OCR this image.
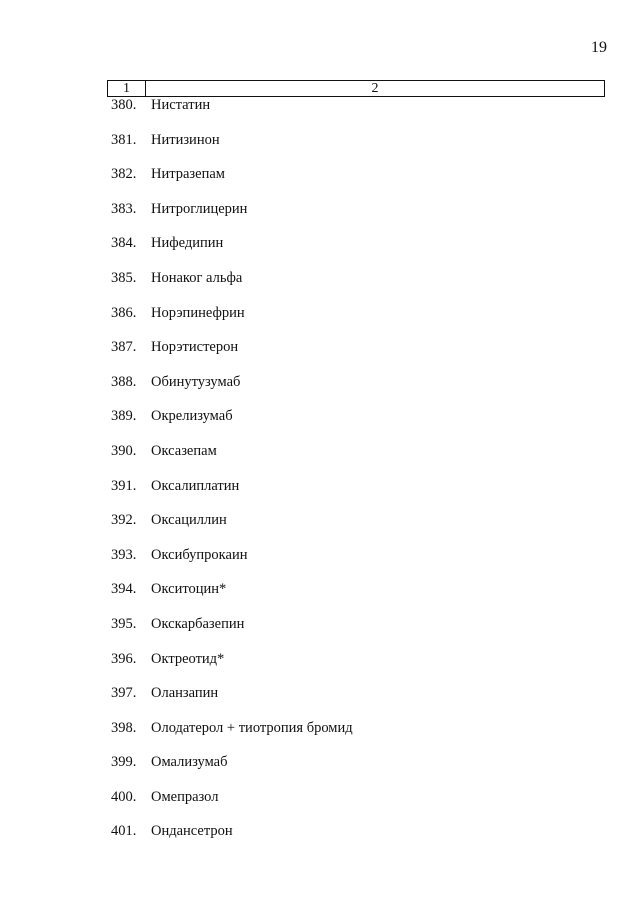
19
1	2
380.	Нистатин
381.	Нитизинон
382.	Нитразепам
383.	Нитроглицерин
384.	Нифедипин
385.	Нонаког альфа
386.	Норэпинефрин
387.	Норэтистерон
388.	Обинутузумаб
389.	Окрелизумаб
390.	Оксазепам
391.	Оксалиплатин
392.	Оксациллин
393.	Оксибупрокаин
394.	Окситоцин*
395.	Окскарбазепин
396.	Октреотид*
397.	Оланзапин
398.	Олодатерол + тиотропия бромид
399.	Омализумаб
400.	Омепразол
401.	Ондансетрон
